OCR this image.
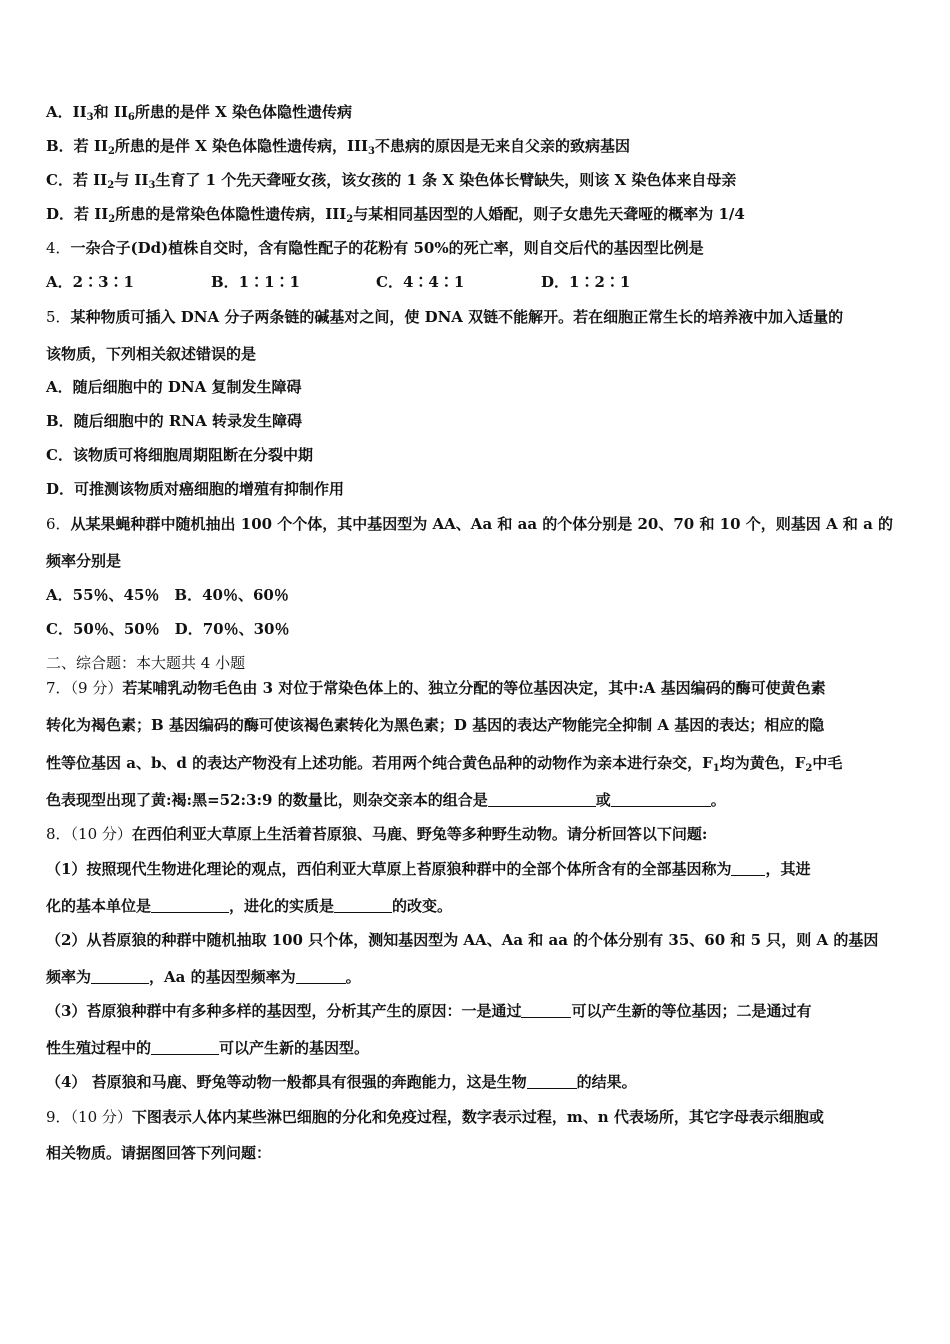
A．$II_3$和 $II_6$所患的是伴 X 染色体隐性遗传病
B．若 $II_2$所患的是伴 X 染色体隐性遗传病，$III_3$不患病的原因是无来自父亲的致病基因
C．若 $II_2$与 $II_3$生育了 1 个先天聋哑女孩，该女孩的 1 条 X 染色体长臂缺失，则该 X 染色体来自母亲
D．若 $II_2$所患的是常染色体隐性遗传病，$III_2$与某相同基因型的人婚配，则子女患先天聋哑的概率为 1/4
4．一杂合子(Dd)植株自交时，含有隐性配子的花粉有 50%的死亡率，则自交后代的基因型比例是
A．2∶3∶1	B．1∶1∶1	C．4∶4∶1	D．1∶2∶1
5．某种物质可插入 DNA 分子两条链的碱基对之间，使 DNA 双链不能解开。若在细胞正常生长的培养液中加入适量的
该物质，下列相关叙述错误的是
A．随后细胞中的 DNA 复制发生障碍
B．随后细胞中的 RNA 转录发生障碍
C．该物质可将细胞周期阻断在分裂中期
D．可推测该物质对癌细胞的增殖有抑制作用
6．从某果蝇种群中随机抽出 100 个个体，其中基因型为 AA、Aa 和 aa 的个体分别是 20、70 和 10 个，则基因 A 和 a 的
频率分别是
A．55％、45％　B．40％、60％
C．50％、50％　D．70％、30％
二、综合题：本大题共 4 小题
7．（9 分）若某哺乳动物毛色由 3 对位于常染色体上的、独立分配的等位基因决定，其中:A 基因编码的酶可使黄色素
转化为褐色素；B 基因编码的酶可使该褐色素转化为黑色素；D 基因的表达产物能完全抑制 A 基因的表达；相应的隐
性等位基因 a、b、d 的表达产物没有上述功能。若用两个纯合黄色品种的动物作为亲本进行杂交，$F_1$均为黄色，$F_2$中毛
色表现型出现了黄:褐:黑=52:3:9 的数量比，则杂交亲本的组合是	或	。
8．（10 分）在西伯利亚大草原上生活着苔原狼、马鹿、野兔等多种野生动物。请分析回答以下问题:
（1）按照现代生物进化理论的观点，西伯利亚大草原上苔原狼种群中的全部个体所含有的全部基因称为 ，其进
化的基本单位是	，进化的实质是	的改变。
（2）从苔原狼的种群中随机抽取 100 只个体，测知基因型为 AA、Aa 和 aa 的个体分别有 35、60 和 5 只，则 A 的基因
频率为	，Aa 的基因型频率为	。
（3）苔原狼种群中有多种多样的基因型，分析其产生的原因：一是通过	可以产生新的等位基因；二是通过有
性生殖过程中的	可以产生新的基因型。
（4） 苔原狼和马鹿、野兔等动物一般都具有很强的奔跑能力，这是生物	的结果。
9．（10 分）下图表示人体内某些淋巴细胞的分化和免疫过程，数字表示过程，m、n 代表场所，其它字母表示细胞或
相关物质。请据图回答下列问题：
